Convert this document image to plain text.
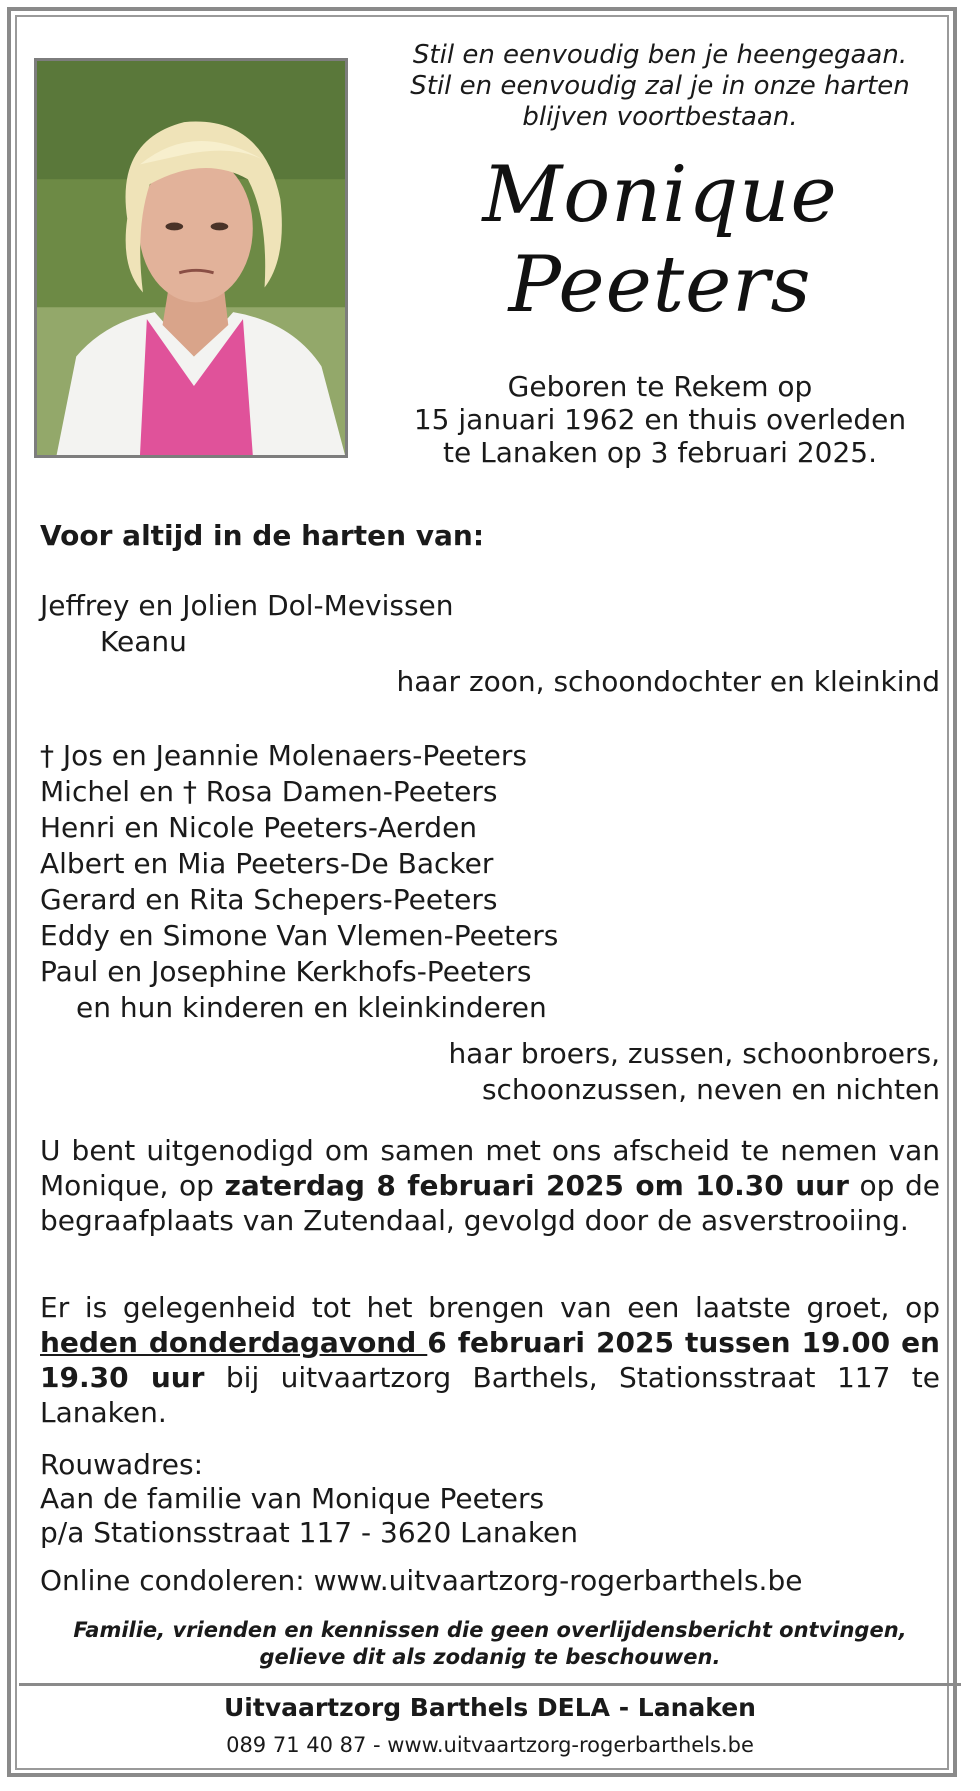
Stil en eenvoudig ben je heengegaan.
Stil en eenvoudig zal je in onze harten
blijven voortbestaan.
Monique
Peeters
Geboren te Rekem op
15 januari 1962 en thuis overleden
te Lanaken op 3 februari 2025.
Voor altijd in de harten van:
Jeffrey en Jolien Dol-Mevissen
Keanu
haar zoon, schoondochter en kleinkind
† Jos en Jeannie Molenaers-Peeters
Michel en † Rosa Damen-Peeters
Henri en Nicole Peeters-Aerden
Albert en Mia Peeters-De Backer
Gerard en Rita Schepers-Peeters
Eddy en Simone Van Vlemen-Peeters
Paul en Josephine Kerkhofs-Peeters
en hun kinderen en kleinkinderen
haar broers, zussen, schoonbroers,
schoonzussen, neven en nichten
U bent uitgenodigd om samen met ons afscheid te nemen van Monique, op zaterdag 8 februari 2025 om 10.30 uur op de begraafplaats van Zutendaal, gevolgd door de asverstrooiing.
Er is gelegenheid tot het brengen van een laatste groet, op heden donderdagavond 6 februari 2025 tussen 19.00 en 19.30 uur bij uitvaartzorg Barthels, Stationsstraat 117 te Lanaken.
Rouwadres:
Aan de familie van Monique Peeters
p/a Stationsstraat 117 - 3620 Lanaken
Online condoleren: www.uitvaartzorg-rogerbarthels.be
Familie, vrienden en kennissen die geen overlijdensbericht ontvingen,
gelieve dit als zodanig te beschouwen.
Uitvaartzorg Barthels DELA - Lanaken
089 71 40 87 - www.uitvaartzorg-rogerbarthels.be
